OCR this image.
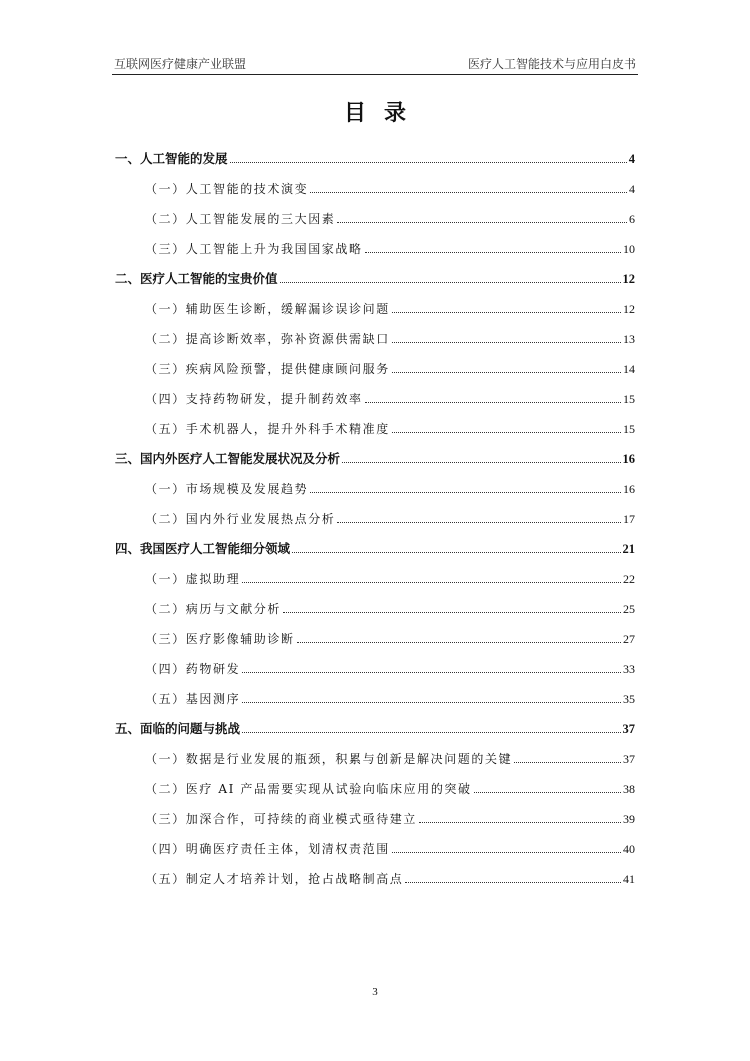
互联网医疗健康产业联盟	医疗人工智能技术与应用白皮书
目录
一、人工智能的发展	4
（一）人工智能的技术演变	4
（二）人工智能发展的三大因素	6
（三）人工智能上升为我国国家战略	10
二、医疗人工智能的宝贵价值	12
（一）辅助医生诊断，缓解漏诊误诊问题	12
（二）提高诊断效率，弥补资源供需缺口	13
（三）疾病风险预警，提供健康顾问服务	14
（四）支持药物研发，提升制药效率	15
（五）手术机器人，提升外科手术精准度	15
三、国内外医疗人工智能发展状况及分析	16
（一）市场规模及发展趋势	16
（二）国内外行业发展热点分析	17
四、我国医疗人工智能细分领域	21
（一）虚拟助理	22
（二）病历与文献分析	25
（三）医疗影像辅助诊断	27
（四）药物研发	33
（五）基因测序	35
五、面临的问题与挑战	37
（一）数据是行业发展的瓶颈，积累与创新是解决问题的关键	37
（二）医疗 AI 产品需要实现从试验向临床应用的突破	38
（三）加深合作，可持续的商业模式亟待建立	39
（四）明确医疗责任主体，划清权责范围	40
（五）制定人才培养计划，抢占战略制高点	41
3
